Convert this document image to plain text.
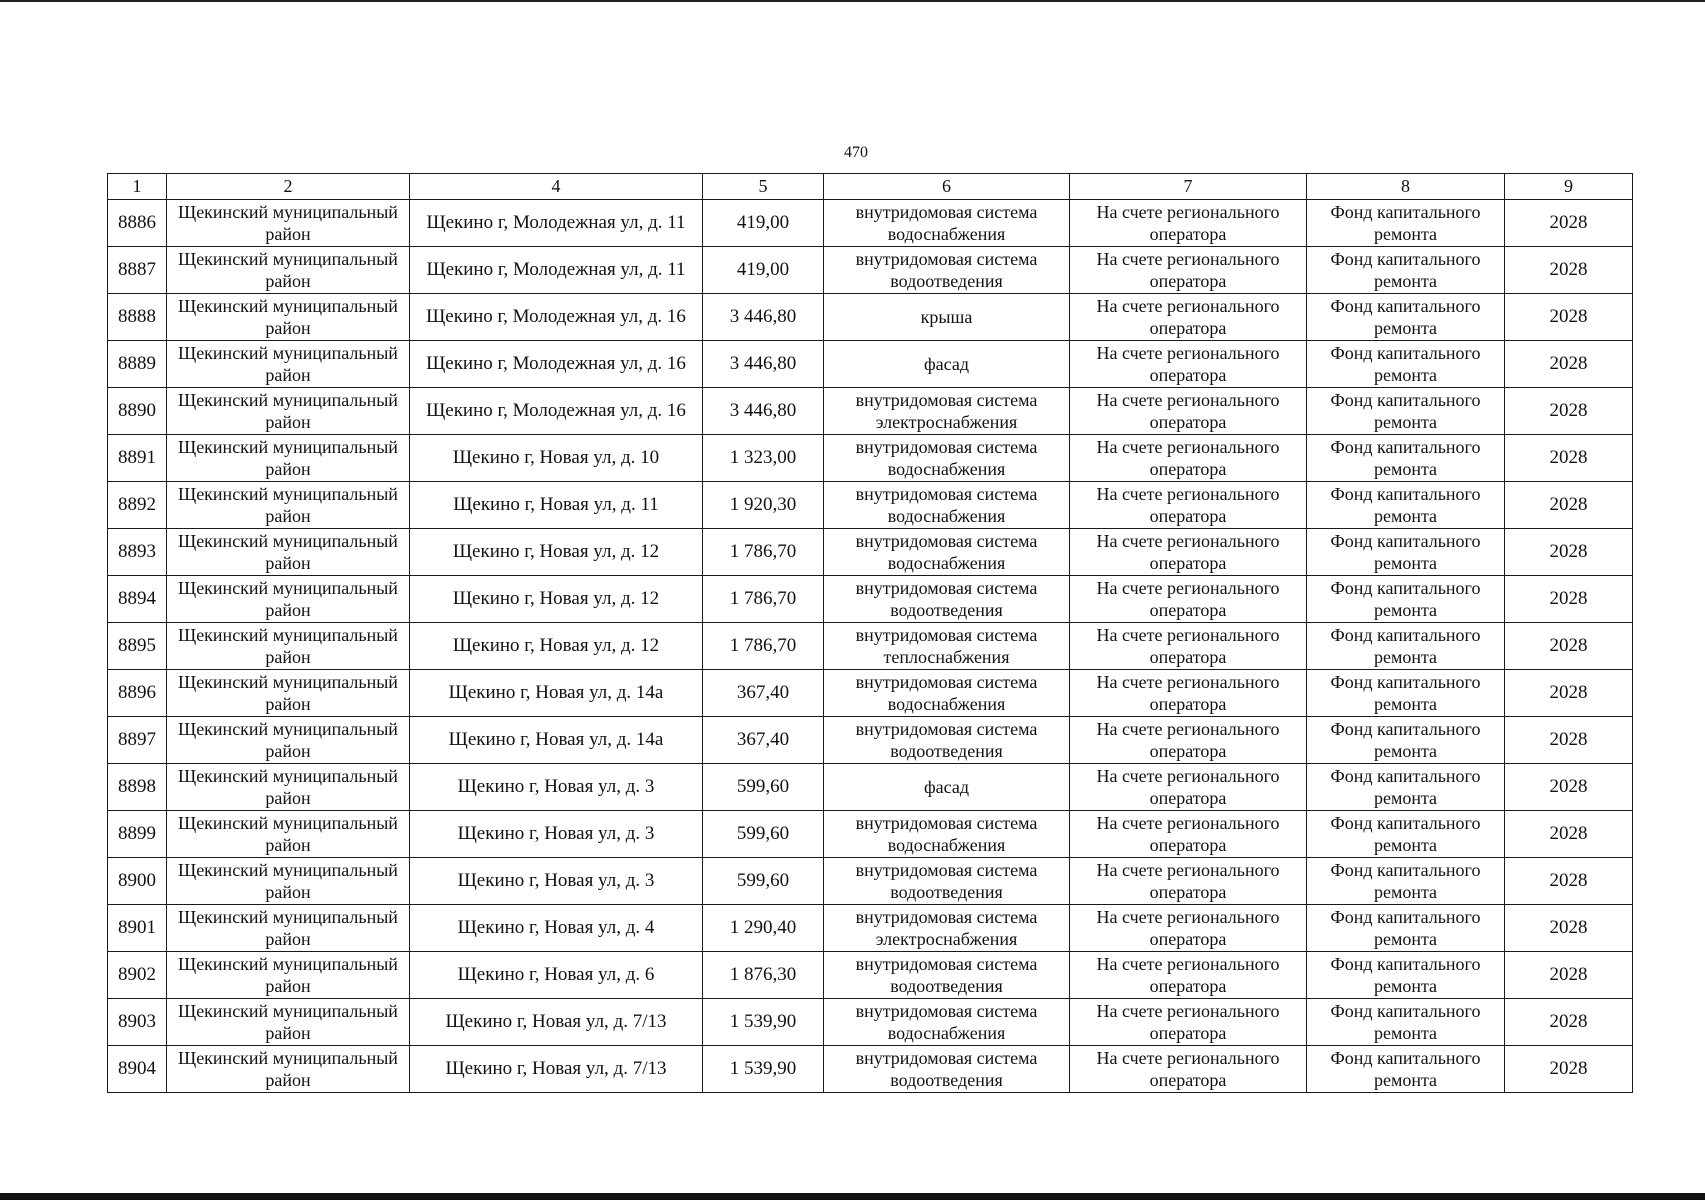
470
1	2	4	5	6	7	8	9
8886	Щекинский муниципальный район	Щекино г, Молодежная ул, д. 11	419,00	внутридомовая система водоснабжения	На счете регионального оператора	Фонд капитального ремонта	2028
8887	Щекинский муниципальный район	Щекино г, Молодежная ул, д. 11	419,00	внутридомовая система водоотведения	На счете регионального оператора	Фонд капитального ремонта	2028
8888	Щекинский муниципальный район	Щекино г, Молодежная ул, д. 16	3 446,80	крыша	На счете регионального оператора	Фонд капитального ремонта	2028
8889	Щекинский муниципальный район	Щекино г, Молодежная ул, д. 16	3 446,80	фасад	На счете регионального оператора	Фонд капитального ремонта	2028
8890	Щекинский муниципальный район	Щекино г, Молодежная ул, д. 16	3 446,80	внутридомовая система электроснабжения	На счете регионального оператора	Фонд капитального ремонта	2028
8891	Щекинский муниципальный район	Щекино г, Новая ул, д. 10	1 323,00	внутридомовая система водоснабжения	На счете регионального оператора	Фонд капитального ремонта	2028
8892	Щекинский муниципальный район	Щекино г, Новая ул, д. 11	1 920,30	внутридомовая система водоснабжения	На счете регионального оператора	Фонд капитального ремонта	2028
8893	Щекинский муниципальный район	Щекино г, Новая ул, д. 12	1 786,70	внутридомовая система водоснабжения	На счете регионального оператора	Фонд капитального ремонта	2028
8894	Щекинский муниципальный район	Щекино г, Новая ул, д. 12	1 786,70	внутридомовая система водоотведения	На счете регионального оператора	Фонд капитального ремонта	2028
8895	Щекинский муниципальный район	Щекино г, Новая ул, д. 12	1 786,70	внутридомовая система теплоснабжения	На счете регионального оператора	Фонд капитального ремонта	2028
8896	Щекинский муниципальный район	Щекино г, Новая ул, д. 14а	367,40	внутридомовая система водоснабжения	На счете регионального оператора	Фонд капитального ремонта	2028
8897	Щекинский муниципальный район	Щекино г, Новая ул, д. 14а	367,40	внутридомовая система водоотведения	На счете регионального оператора	Фонд капитального ремонта	2028
8898	Щекинский муниципальный район	Щекино г, Новая ул, д. 3	599,60	фасад	На счете регионального оператора	Фонд капитального ремонта	2028
8899	Щекинский муниципальный район	Щекино г, Новая ул, д. 3	599,60	внутридомовая система водоснабжения	На счете регионального оператора	Фонд капитального ремонта	2028
8900	Щекинский муниципальный район	Щекино г, Новая ул, д. 3	599,60	внутридомовая система водоотведения	На счете регионального оператора	Фонд капитального ремонта	2028
8901	Щекинский муниципальный район	Щекино г, Новая ул, д. 4	1 290,40	внутридомовая система электроснабжения	На счете регионального оператора	Фонд капитального ремонта	2028
8902	Щекинский муниципальный район	Щекино г, Новая ул, д. 6	1 876,30	внутридомовая система водоотведения	На счете регионального оператора	Фонд капитального ремонта	2028
8903	Щекинский муниципальный район	Щекино г, Новая ул, д. 7/13	1 539,90	внутридомовая система водоснабжения	На счете регионального оператора	Фонд капитального ремонта	2028
8904	Щекинский муниципальный район	Щекино г, Новая ул, д. 7/13	1 539,90	внутридомовая система водоотведения	На счете регионального оператора	Фонд капитального ремонта	2028
